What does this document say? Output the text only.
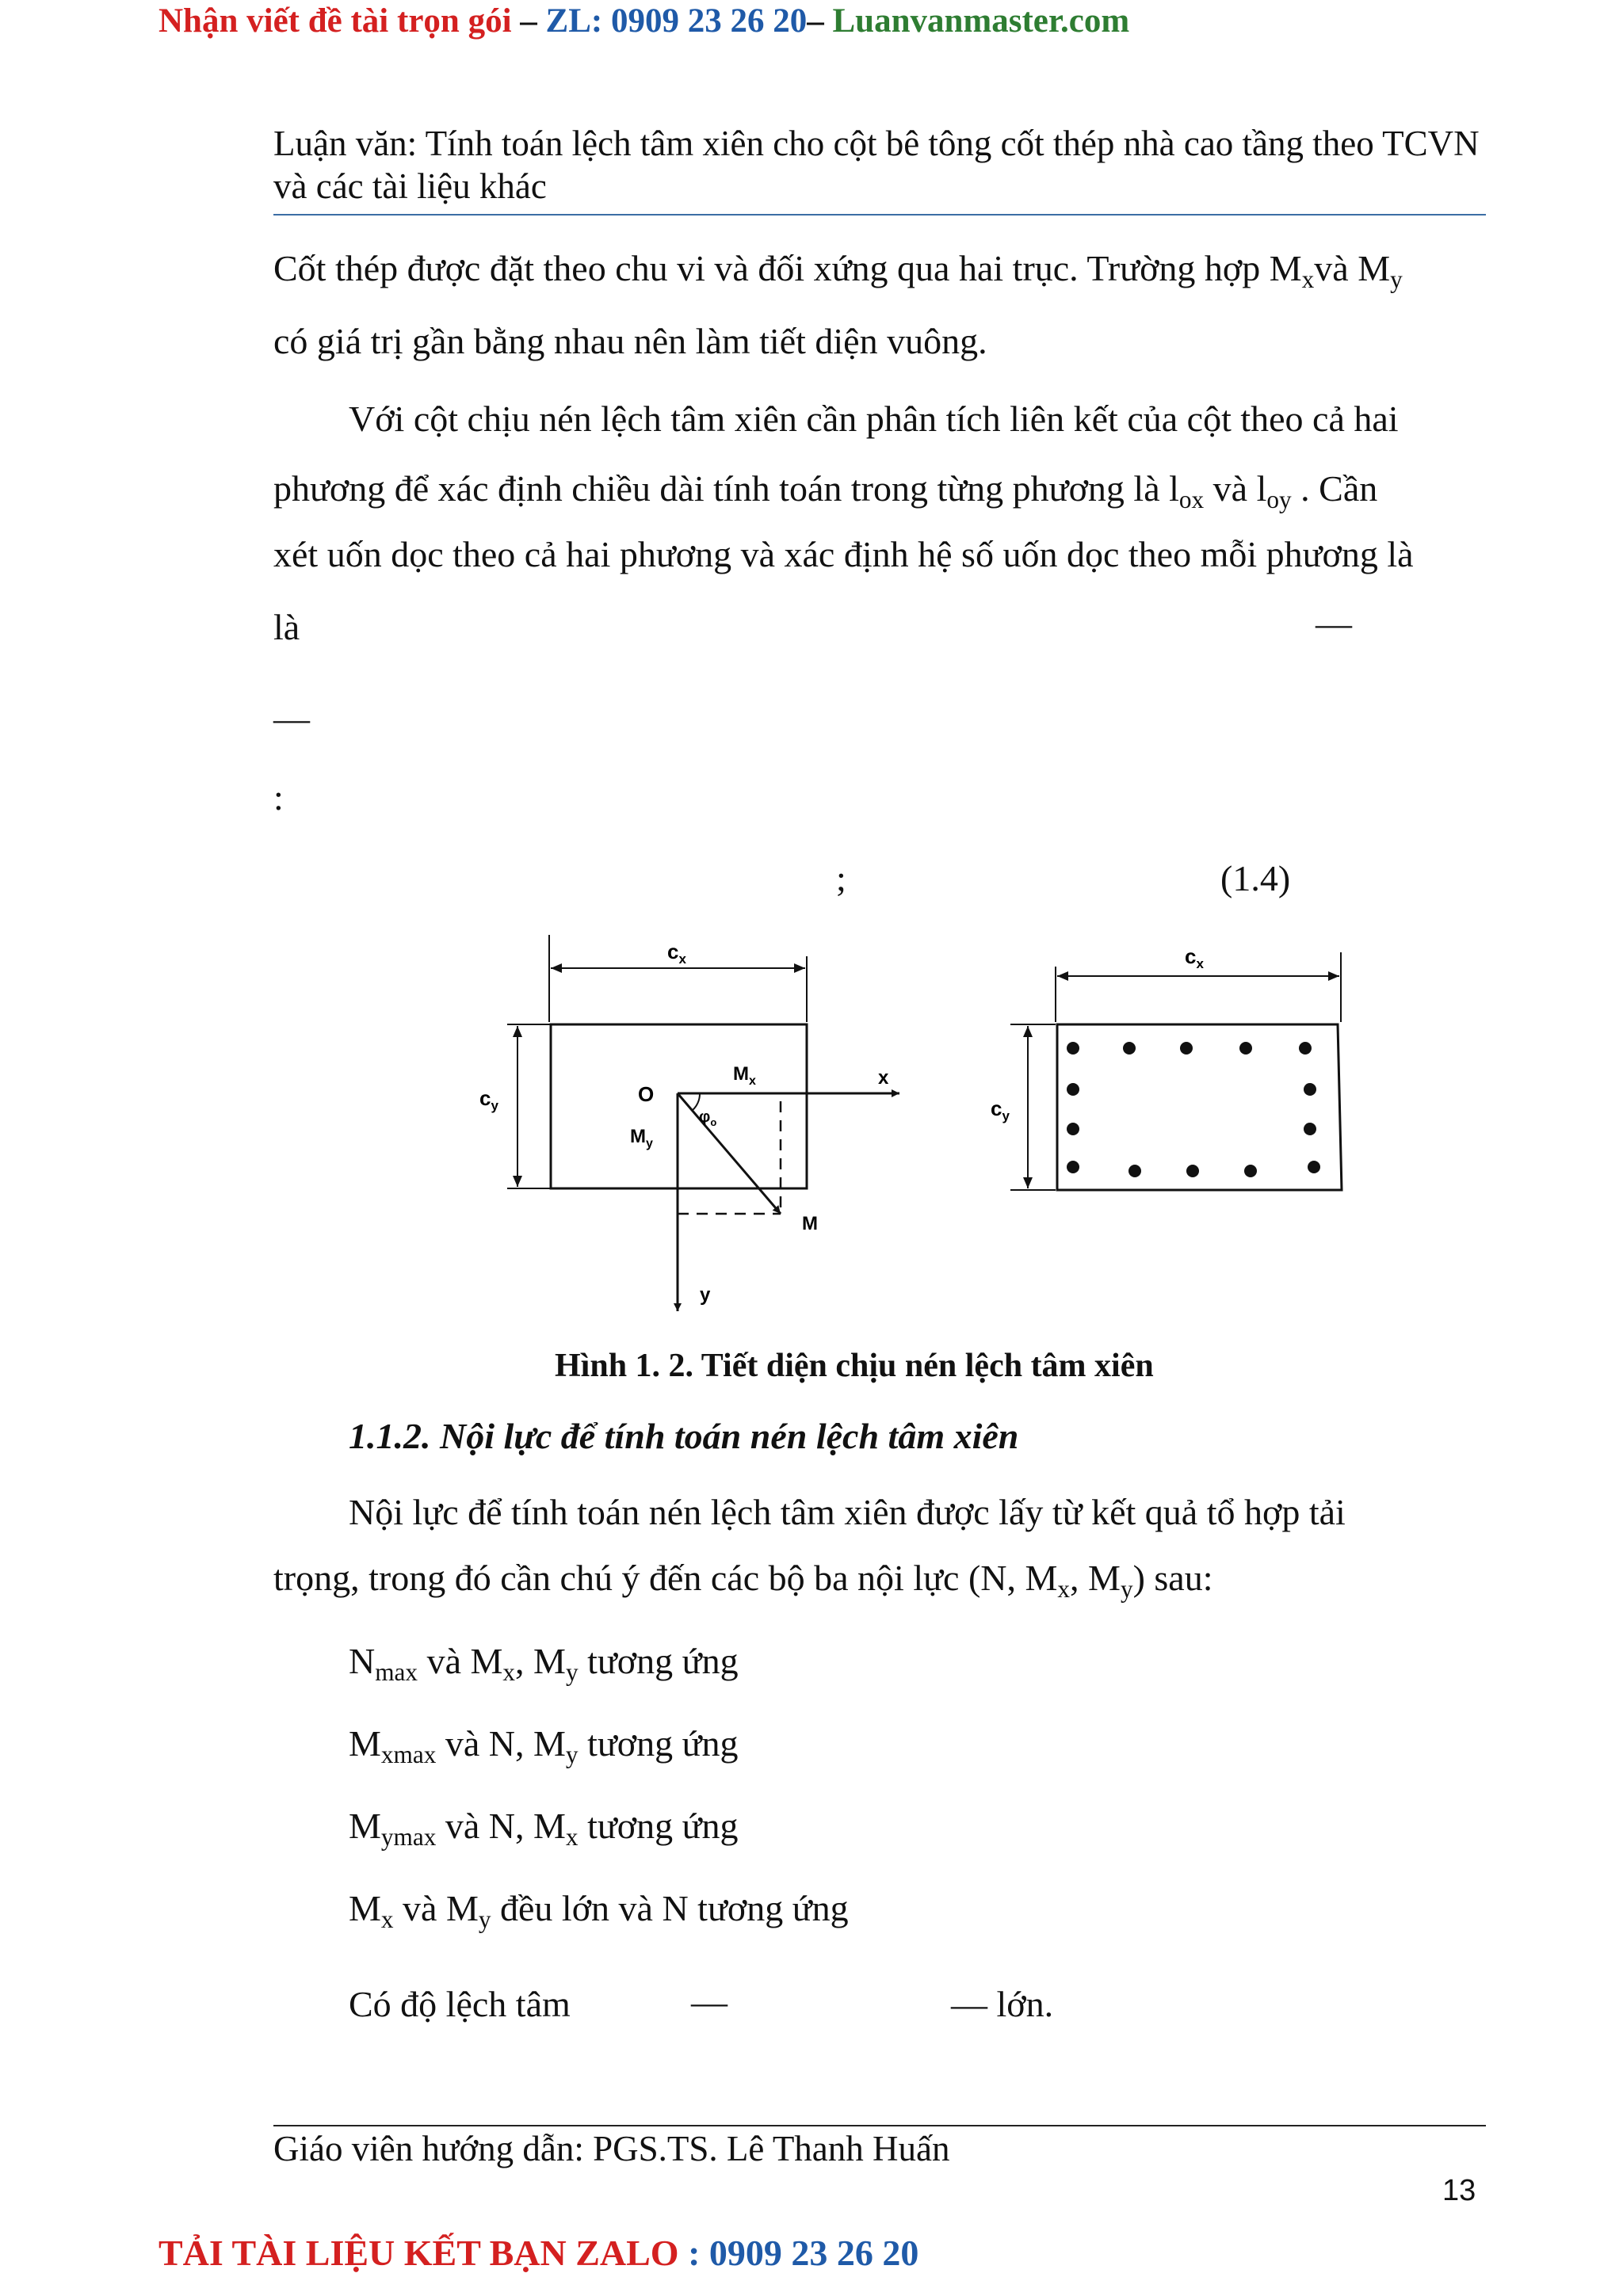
Nhận viết đề tài trọn gói – ZL: 0909 23 26 20– Luanvanmaster.com
Luận văn: Tính toán lệch tâm xiên cho cột bê tông cốt thép nhà cao tầng theo TCVN và các tài liệu khác
Cốt thép được đặt theo chu vi và đối xứng qua hai trục. Trường hợp $M_xvà$ $M_y$
có giá trị gần bằng nhau nên làm tiết diện vuông.
Với cột chịu nén lệch tâm xiên cần phân tích liên kết của cột theo cả hai
phương để xác định chiều dài tính toán trong từng phương là $l_{ox}$ và $l_{oy}$ . Cần
xét uốn dọc theo cả hai phương và xác định hệ số uốn dọc theo mỗi phương là
là	—
—
:
;	(1.4)
$c_x$
$c_y$
x
y
$\varphi_o$
O
$M_x$
$M_y$
M
$c_x$
$c_y$
Hình 1. 2. Tiết diện chịu nén lệch tâm xiên
1.1.2. Nội lực để tính toán nén lệch tâm xiên
Nội lực để tính toán nén lệch tâm xiên được lấy từ kết quả tổ hợp tải
trọng, trong đó cần chú ý đến các bộ ba nội lực (N, $M_x$, $M_y$) sau:
$N_{max}$ và $M_x$, $M_y$ tương ứng
$M_{xmax}$ và N, $M_y$ tương ứng
$M_{ymax}$ và N, $M_x$ tương ứng
$M_x$ và $M_y$ đều lớn và N tương ứng
Có độ lệch tâm	—	— lớn.
Giáo viên hướng dẫn: PGS.TS. Lê Thanh Huấn
13
TẢI TÀI LIỆU KẾT BẠN ZALO : 0909 23 26 20
